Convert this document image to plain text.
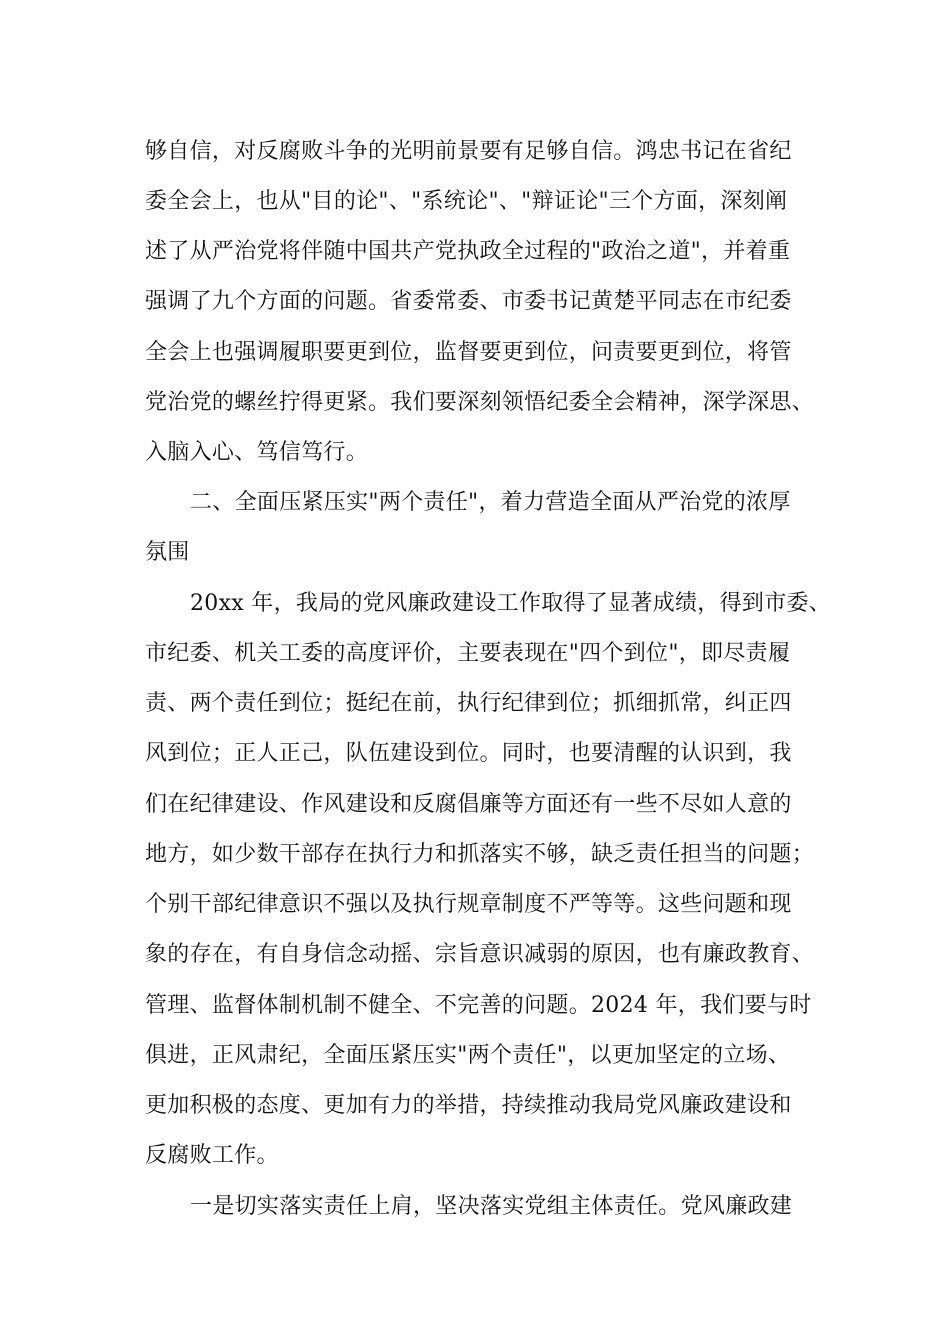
够自信，对反腐败斗争的光明前景要有足够自信。鸿忠书记在省纪
委全会上，也从"目的论"、"系统论"、"辩证论"三个方面，深刻阐
述了从严治党将伴随中国共产党执政全过程的"政治之道"，并着重
强调了九个方面的问题。省委常委、市委书记黄楚平同志在市纪委
全会上也强调履职要更到位，监督要更到位，问责要更到位，将管
党治党的螺丝拧得更紧。我们要深刻领悟纪委全会精神，深学深思、
入脑入心、笃信笃行。
二、全面压紧压实"两个责任"，着力营造全面从严治党的浓厚
氛围
20xx 年，我局的党风廉政建设工作取得了显著成绩，得到市委、
市纪委、机关工委的高度评价，主要表现在"四个到位"，即尽责履
责、两个责任到位；挺纪在前，执行纪律到位；抓细抓常，纠正四
风到位；正人正己，队伍建设到位。同时，也要清醒的认识到，我
们在纪律建设、作风建设和反腐倡廉等方面还有一些不尽如人意的
地方，如少数干部存在执行力和抓落实不够，缺乏责任担当的问题；
个别干部纪律意识不强以及执行规章制度不严等等。这些问题和现
象的存在，有自身信念动摇、宗旨意识减弱的原因，也有廉政教育、
管理、监督体制机制不健全、不完善的问题。2024 年，我们要与时
俱进，正风肃纪，全面压紧压实"两个责任"，以更加坚定的立场、
更加积极的态度、更加有力的举措，持续推动我局党风廉政建设和
反腐败工作。
一是切实落实责任上肩，坚决落实党组主体责任。党风廉政建
